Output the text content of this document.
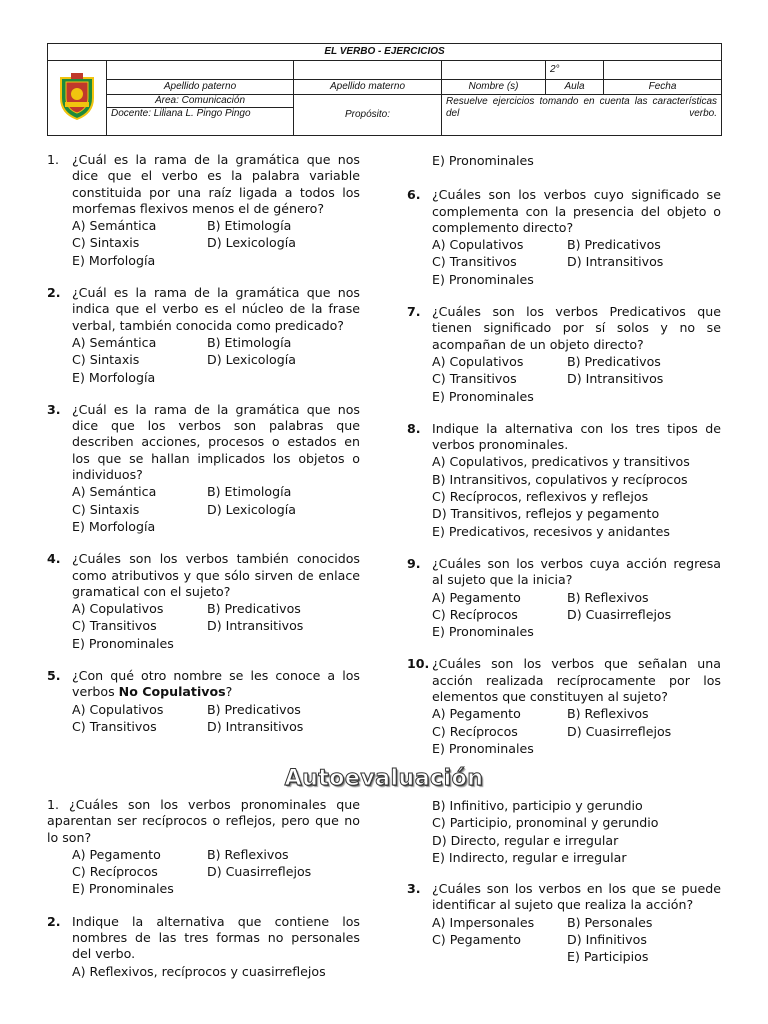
EL VERBO - EJERCICIOS					
				2°	
	Apellido paterno	Apellido materno	Nombre (s)	Aula	Fecha
	Área: Comunicación	Propósito:	Resuelve ejercicios tomando en cuenta las características del verbo.		

	Docente: Liliana L. Pingo Pingo				
1.	¿Cuál es la rama de la gramática que nos dice que el verbo es la palabra variable constituida por una raíz ligada a todos los morfemas flexivos menos el de género?
A) Semántica	B) Etimología
C) Sintaxis	D) Lexicología
E) Morfología
2. ¿Cuál es la rama de la gramática que nos indica que el verbo es el núcleo de la frase verbal, también conocida como predicado?
A) Semántica	B) Etimología
C) Sintaxis	D) Lexicología
E) Morfología
3. ¿Cuál es la rama de la gramática que nos dice que los verbos son palabras que describen acciones, procesos o estados en los que se hallan implicados los objetos o individuos?
A) Semántica	B) Etimología
C) Sintaxis	D) Lexicología
E) Morfología
4. ¿Cuáles son los verbos también conocidos como atributivos y que sólo sirven de enlace gramatical con el sujeto?
A) Copulativos	B) Predicativos
C) Transitivos	D) Intransitivos
E) Pronominales
5. ¿Con qué otro nombre se les conoce a los verbos No Copulativos?
A) Copulativos	B) Predicativos
C) Transitivos	D) Intransitivos
E) Pronominales
6. ¿Cuáles son los verbos cuyo significado se complementa con la presencia del objeto o complemento directo?
A) Copulativos	B) Predicativos
C) Transitivos	D) Intransitivos
E) Pronominales
7. ¿Cuáles son los verbos Predicativos que tienen significado por sí solos y no se acompañan de un objeto directo?
A) Copulativos	B) Predicativos
C) Transitivos	D) Intransitivos
E) Pronominales
8. Indique la alternativa con los tres tipos de verbos pronominales.
A) Copulativos, predicativos y transitivos
B) Intransitivos, copulativos y recíprocos
C) Recíprocos, reflexivos y reflejos
D) Transitivos, reflejos y pegamento
E) Predicativos, recesivos y anidantes
9. ¿Cuáles son los verbos cuya acción regresa al sujeto que la inicia?
A) Pegamento	B) Reflexivos
C) Recíprocos	D) Cuasirreflejos
E) Pronominales
10. ¿Cuáles son los verbos que señalan una acción realizada recíprocamente por los elementos que constituyen al sujeto?
A) Pegamento	B) Reflexivos
C) Recíprocos	D) Cuasirreflejos
E) Pronominales
Autoevaluación
1. ¿Cuáles son los verbos pronominales que aparentan ser recíprocos o reflejos, pero que no lo son?
A) Pegamento	B) Reflexivos
C) Recíprocos	D) Cuasirreflejos
E) Pronominales
2. Indique la alternativa que contiene los nombres de las tres formas no personales del verbo.
A) Reflexivos, recíprocos y cuasirreflejos
B) Infinitivo, participio y gerundio
C) Participio, pronominal y gerundio
D) Directo, regular e irregular
E) Indirecto, regular e irregular
3. ¿Cuáles son los verbos en los que se puede identificar al sujeto que realiza la acción?
A) Impersonales	B) Personales
C) Pegamento	D) Infinitivos
E) Participios
